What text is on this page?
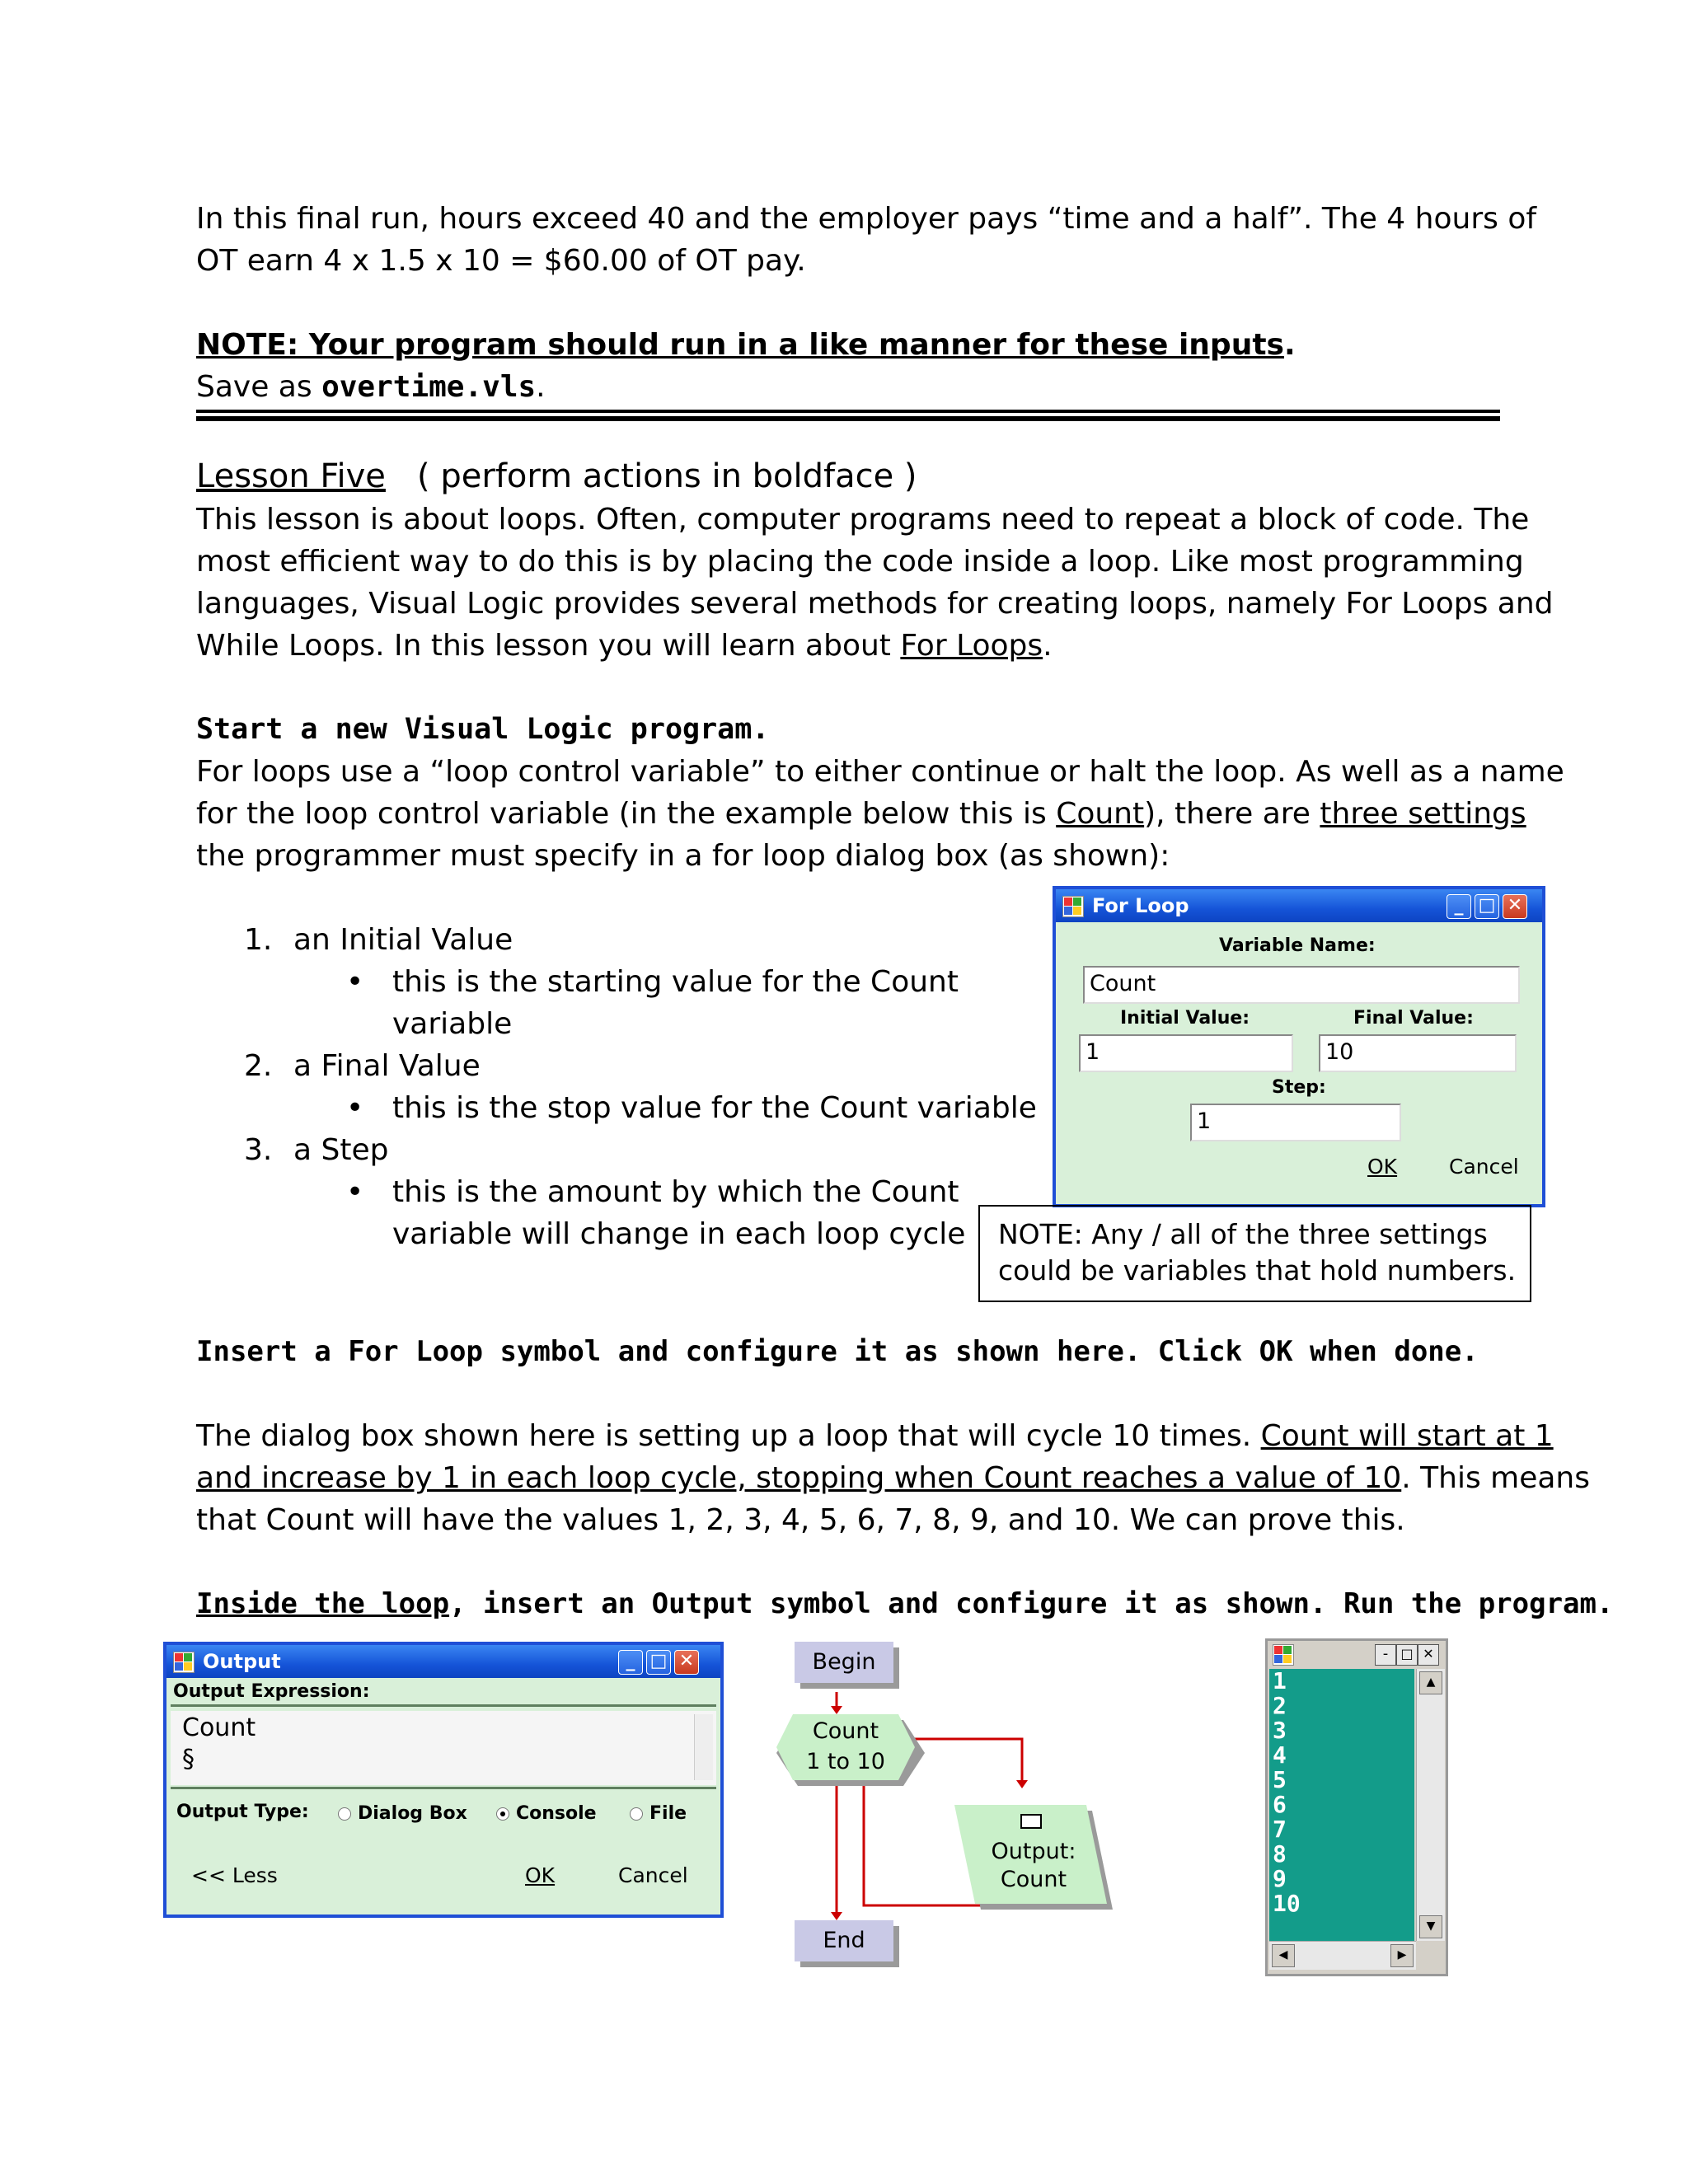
In this final run, hours exceed 40 and the employer pays “time and a half”. The 4 hours of

OT earn 4 x 1.5 x 10 = $60.00 of OT pay.

NOTE: Your program should run in a like manner for these inputs.

Save as overtime.vls.

Lesson Five   ( perform actions in boldface )

This lesson is about loops. Often, computer programs need to repeat a block of code. The

most efficient way to do this is by placing the code inside a loop. Like most programming

languages, Visual Logic provides several methods for creating loops, namely For Loops and

While Loops. In this lesson you will learn about For Loops.

Start a new Visual Logic program.

For loops use a “loop control variable” to either continue or halt the loop. As well as a name

for the loop control variable (in the example below this is Count), there are three settings

the programmer must specify in a for loop dialog box (as shown):

1. an Initial Value

• this is the starting value for the Count

variable

2. a Final Value

• this is the stop value for the Count variable

3. a Step

• this is the amount by which the Count

variable will change in each loop cycle

For Loop	_ □ ✕
Variable Name:
Count
Initial Value:	Final Value:
1	10
Step:
1
OK	Cancel
NOTE: Any / all of the three settings
could be variables that hold numbers.

Insert a For Loop symbol and configure it as shown here. Click OK when done.

The dialog box shown here is setting up a loop that will cycle 10 times. Count will start at 1

and increase by 1 in each loop cycle, stopping when Count reaches a value of 10. This means

that Count will have the values 1, 2, 3, 4, 5, 6, 7, 8, 9, and 10. We can prove this.

Inside the loop, insert an Output symbol and configure it as shown. Run the program.

Output	_ □ ✕
Output Expression:
Count
§
Output Type:	Dialog Box	Console	File
<< Less	OK	Cancel
Begin
Count
1 to 10
Output:
Count
End
- □ ✕
1
2
3
4
5
6
7
8
9
10
▲
▼
◀	▶
